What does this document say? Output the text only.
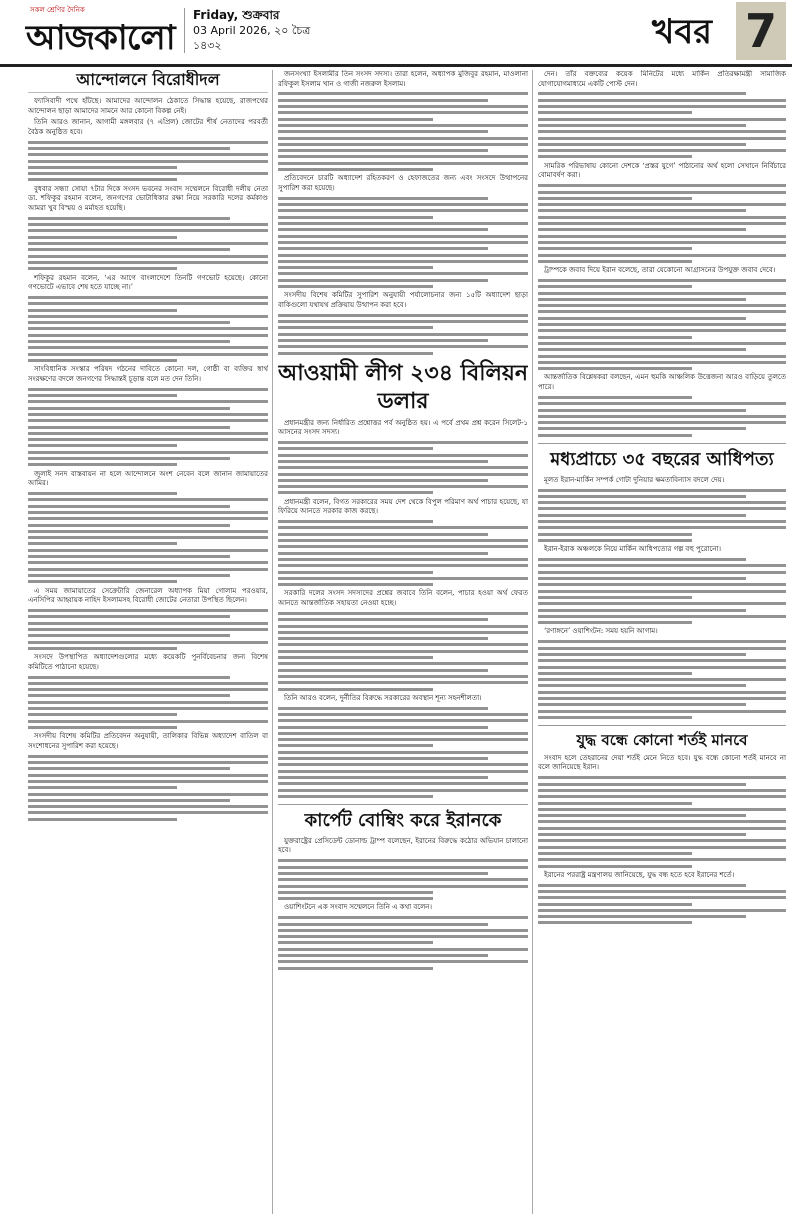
সকল শ্রেণির দৈনিক
আজকালো
Friday, শুক্রবার
03 April 2026, ২০ চৈত্র ১৪৩২	খবর 7
আন্দোলনে বিরোধীদল

ফ্যাসিবাদী পথে হাঁটছে। আমাদের আন্দোলন ঠেকাতে সিদ্ধান্ত হয়েছে, রাজপথের আন্দোলন ছাড়া আমাদের সামনে আর কোনো বিকল্প নেই।

তিনি আরও জানান, আগামী মঙ্গলবার (৭ এপ্রিল) জোটের শীর্ষ নেতাদের পরবর্তী বৈঠক অনুষ্ঠিত হবে।

বুধবার সন্ধ্যা সোয়া ৭টার দিকে সংসদ ভবনের সংবাদ সম্মেলনে বিরোধী দলীয় নেতা ডা. শফিকুর রহমান বলেন, জনগণের ভোটাধিকার রক্ষা নিয়ে সরকারি দলের কর্মকাণ্ড আমরা খুব বিস্ময় ও মর্মাহত হয়েছি।

শফিকুর রহমান বলেন, ‘এর আগে বাংলাদেশে তিনটি গণভোট হয়েছে। কোনো গণভোটে এভাবে শেষ হতে যাচ্ছে না।’

সাংবিধানিক সংস্কার পরিষদ গঠনের দাবিতে কোনো দল, গোষ্ঠী বা ব্যক্তির স্বার্থ সংরক্ষণের বদলে জনগণের সিদ্ধান্তই চূড়ান্ত বলে মত দেন তিনি।

জুলাই সনদ বাস্তবায়ন না হলে আন্দোলনে অংশ নেবেন বলে জানান জামায়াতের আমির।

এ সময় জামায়াতের সেক্রেটারি জেনারেল অধ্যাপক মিয়া গোলাম পরওয়ার, এনসিপির আহ্বায়ক নাহিদ ইসলামসহ বিরোধী জোটের নেতারা উপস্থিত ছিলেন।

সংসদে উপস্থাপিত অধ্যাদেশগুলোর মধ্যে কয়েকটি পুনর্বিবেচনার জন্য বিশেষ কমিটিতে পাঠানো হয়েছে।

সংসদীয় বিশেষ কমিটির প্রতিবেদন অনুযায়ী, তালিকার বিভিন্ন অধ্যাদেশ বাতিল বা সংশোধনের সুপারিশ করা হয়েছে।

জনসংখ্যা ইসলামীর তিন সংসদ সদস্য। তারা হলেন, অধ্যাপক মুজিবুর রহমান, মাওলানা রফিকুল ইসলাম খান ও গাজী নজরুল ইসলাম।

প্রতিবেদনে চারটি অধ্যাদেশ রহিতকরণ ও হেফাজতের জন্য এবং সংসদে উত্থাপনের সুপারিশ করা হয়েছে।

সংসদীয় বিশেষ কমিটির সুপারিশ অনুযায়ী পর্যালোচনার জন্য ১৫টি অধ্যাদেশ ছাড়া বাকিগুলো যথাযথ প্রক্রিয়ায় উত্থাপন করা হবে।

আওয়ামী লীগ ২৩৪ বিলিয়ন ডলার

প্রধানমন্ত্রীর জন্য নির্ধারিত প্রশ্নোত্তর পর্ব অনুষ্ঠিত হয়। এ পর্বে প্রথম প্রশ্ন করেন সিলেট-১ আসনের সংসদ সদস্য।

প্রধানমন্ত্রী বলেন, বিগত সরকারের সময় দেশ থেকে বিপুল পরিমাণ অর্থ পাচার হয়েছে, যা ফিরিয়ে আনতে সরকার কাজ করছে।

সরকারি দলের সংসদ সদস্যদের প্রশ্নের জবাবে তিনি বলেন, পাচার হওয়া অর্থ ফেরত আনতে আন্তর্জাতিক সহায়তা নেওয়া হচ্ছে।

তিনি আরও বলেন, দুর্নীতির বিরুদ্ধে সরকারের অবস্থান শূন্য সহনশীলতা।

কার্পেট বোম্বিং করে ইরানকে

যুক্তরাষ্ট্রের প্রেসিডেন্ট ডোনাল্ড ট্রাম্প বলেছেন, ইরানের বিরুদ্ধে কঠোর অভিযান চালানো হবে।

ওয়াশিংটনে এক সংবাদ সম্মেলনে তিনি এ কথা বলেন।

দেন। তাঁর বক্তব্যের কয়েক মিনিটের মধ্যে মার্কিন প্রতিরক্ষামন্ত্রী সামাজিক যোগাযোগমাধ্যমে একটি পোস্ট দেন।

সামরিক পরিভাষায় কোনো দেশকে ‘প্রস্তর যুগে’ পাঠানোর অর্থ হলো সেখানে নির্বিচারে বোমাবর্ষণ করা।

ট্রাম্পকে জবাব দিয়ে ইরান বলেছে, তারা যেকোনো আগ্রাসনের উপযুক্ত জবাব দেবে।

আন্তর্জাতিক বিশ্লেষকরা বলছেন, এমন হুমকি আঞ্চলিক উত্তেজনা আরও বাড়িয়ে তুলতে পারে।

মধ্যপ্রাচ্যে ৩৫ বছরের আধিপত্য

মূলত ইরান-মার্কিন সম্পর্ক গোটা দুনিয়ার ক্ষমতাবিন্যাস বদলে দেয়।

ইরান-ইরাক অঞ্চলকে নিয়ে মার্কিন আধিপত্যের গল্প বহু পুরোনো।

‘রণাঙ্গনে’ ওয়াশিংটন: সময় হয়নি আগাম।

যুদ্ধ বন্ধে কোনো শর্তই মানবে

সংবাদ হলে তেহরানের দেয়া শর্তই মেনে নিতে হবে। যুদ্ধ বন্ধে কোনো শর্তই মানবে না বলে জানিয়েছে ইরান।

ইরানের পররাষ্ট্র মন্ত্রণালয় জানিয়েছে, যুদ্ধ বন্ধ হতে হবে ইরানের শর্তে।
